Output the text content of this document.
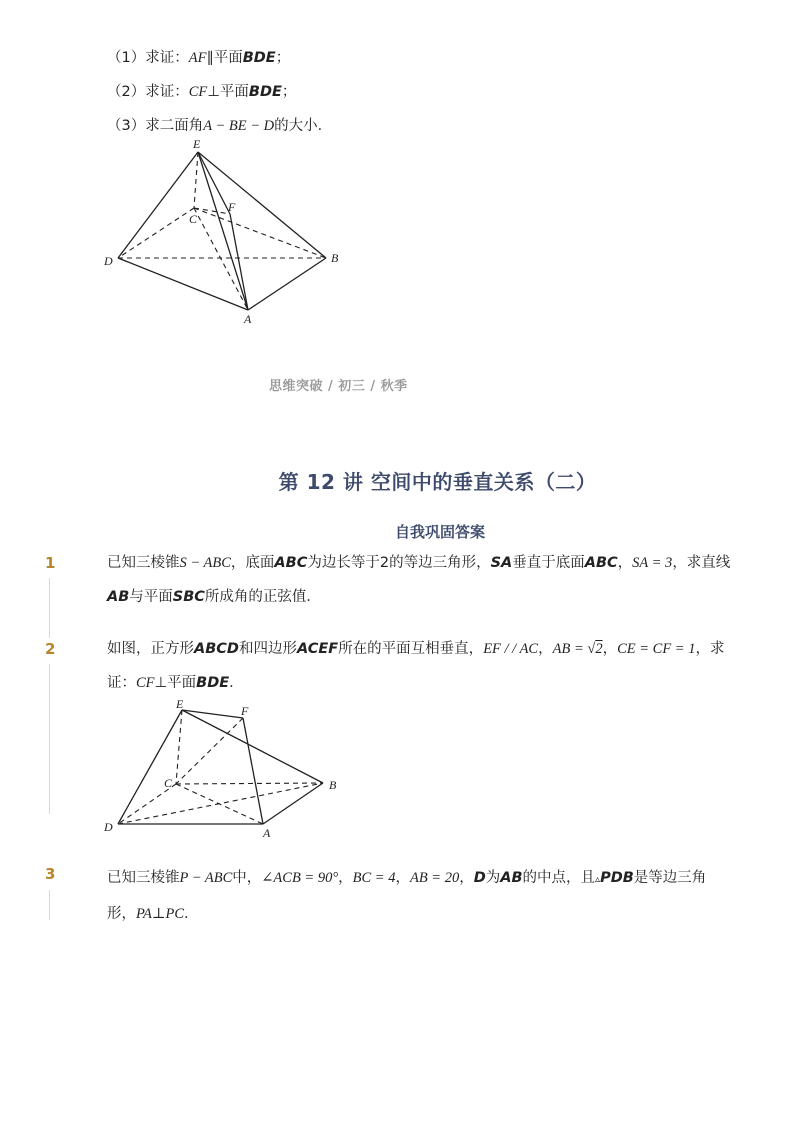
（1）求证：AF∥平面BDE；
（2）求证：CF⊥平面BDE；
（3）求二面角A − BE − D的大小．
E
F
C
D	B
A
思维突破 / 初三 / 秋季
第 12 讲 空间中的垂直关系（二）
自我巩固答案
1	已知三棱锥S − ABC，底面ABC为边长等于2的等边三角形，SA垂直于底面ABC，SA = 3，求直线
AB与平面SBC所成角的正弦值．
2	如图，正方形ABCD和四边形ACEF所在的平面互相垂直，EF / / AC，AB = √2，CE = CF = 1，求
证：CF⊥平面BDE．
E	F
C	B
D	A
3	已知三棱锥P − ABC中，∠ACB = 90°，BC = 4，AB = 20，D为AB的中点，且▵PDB是等边三角
形，PA⊥PC．
